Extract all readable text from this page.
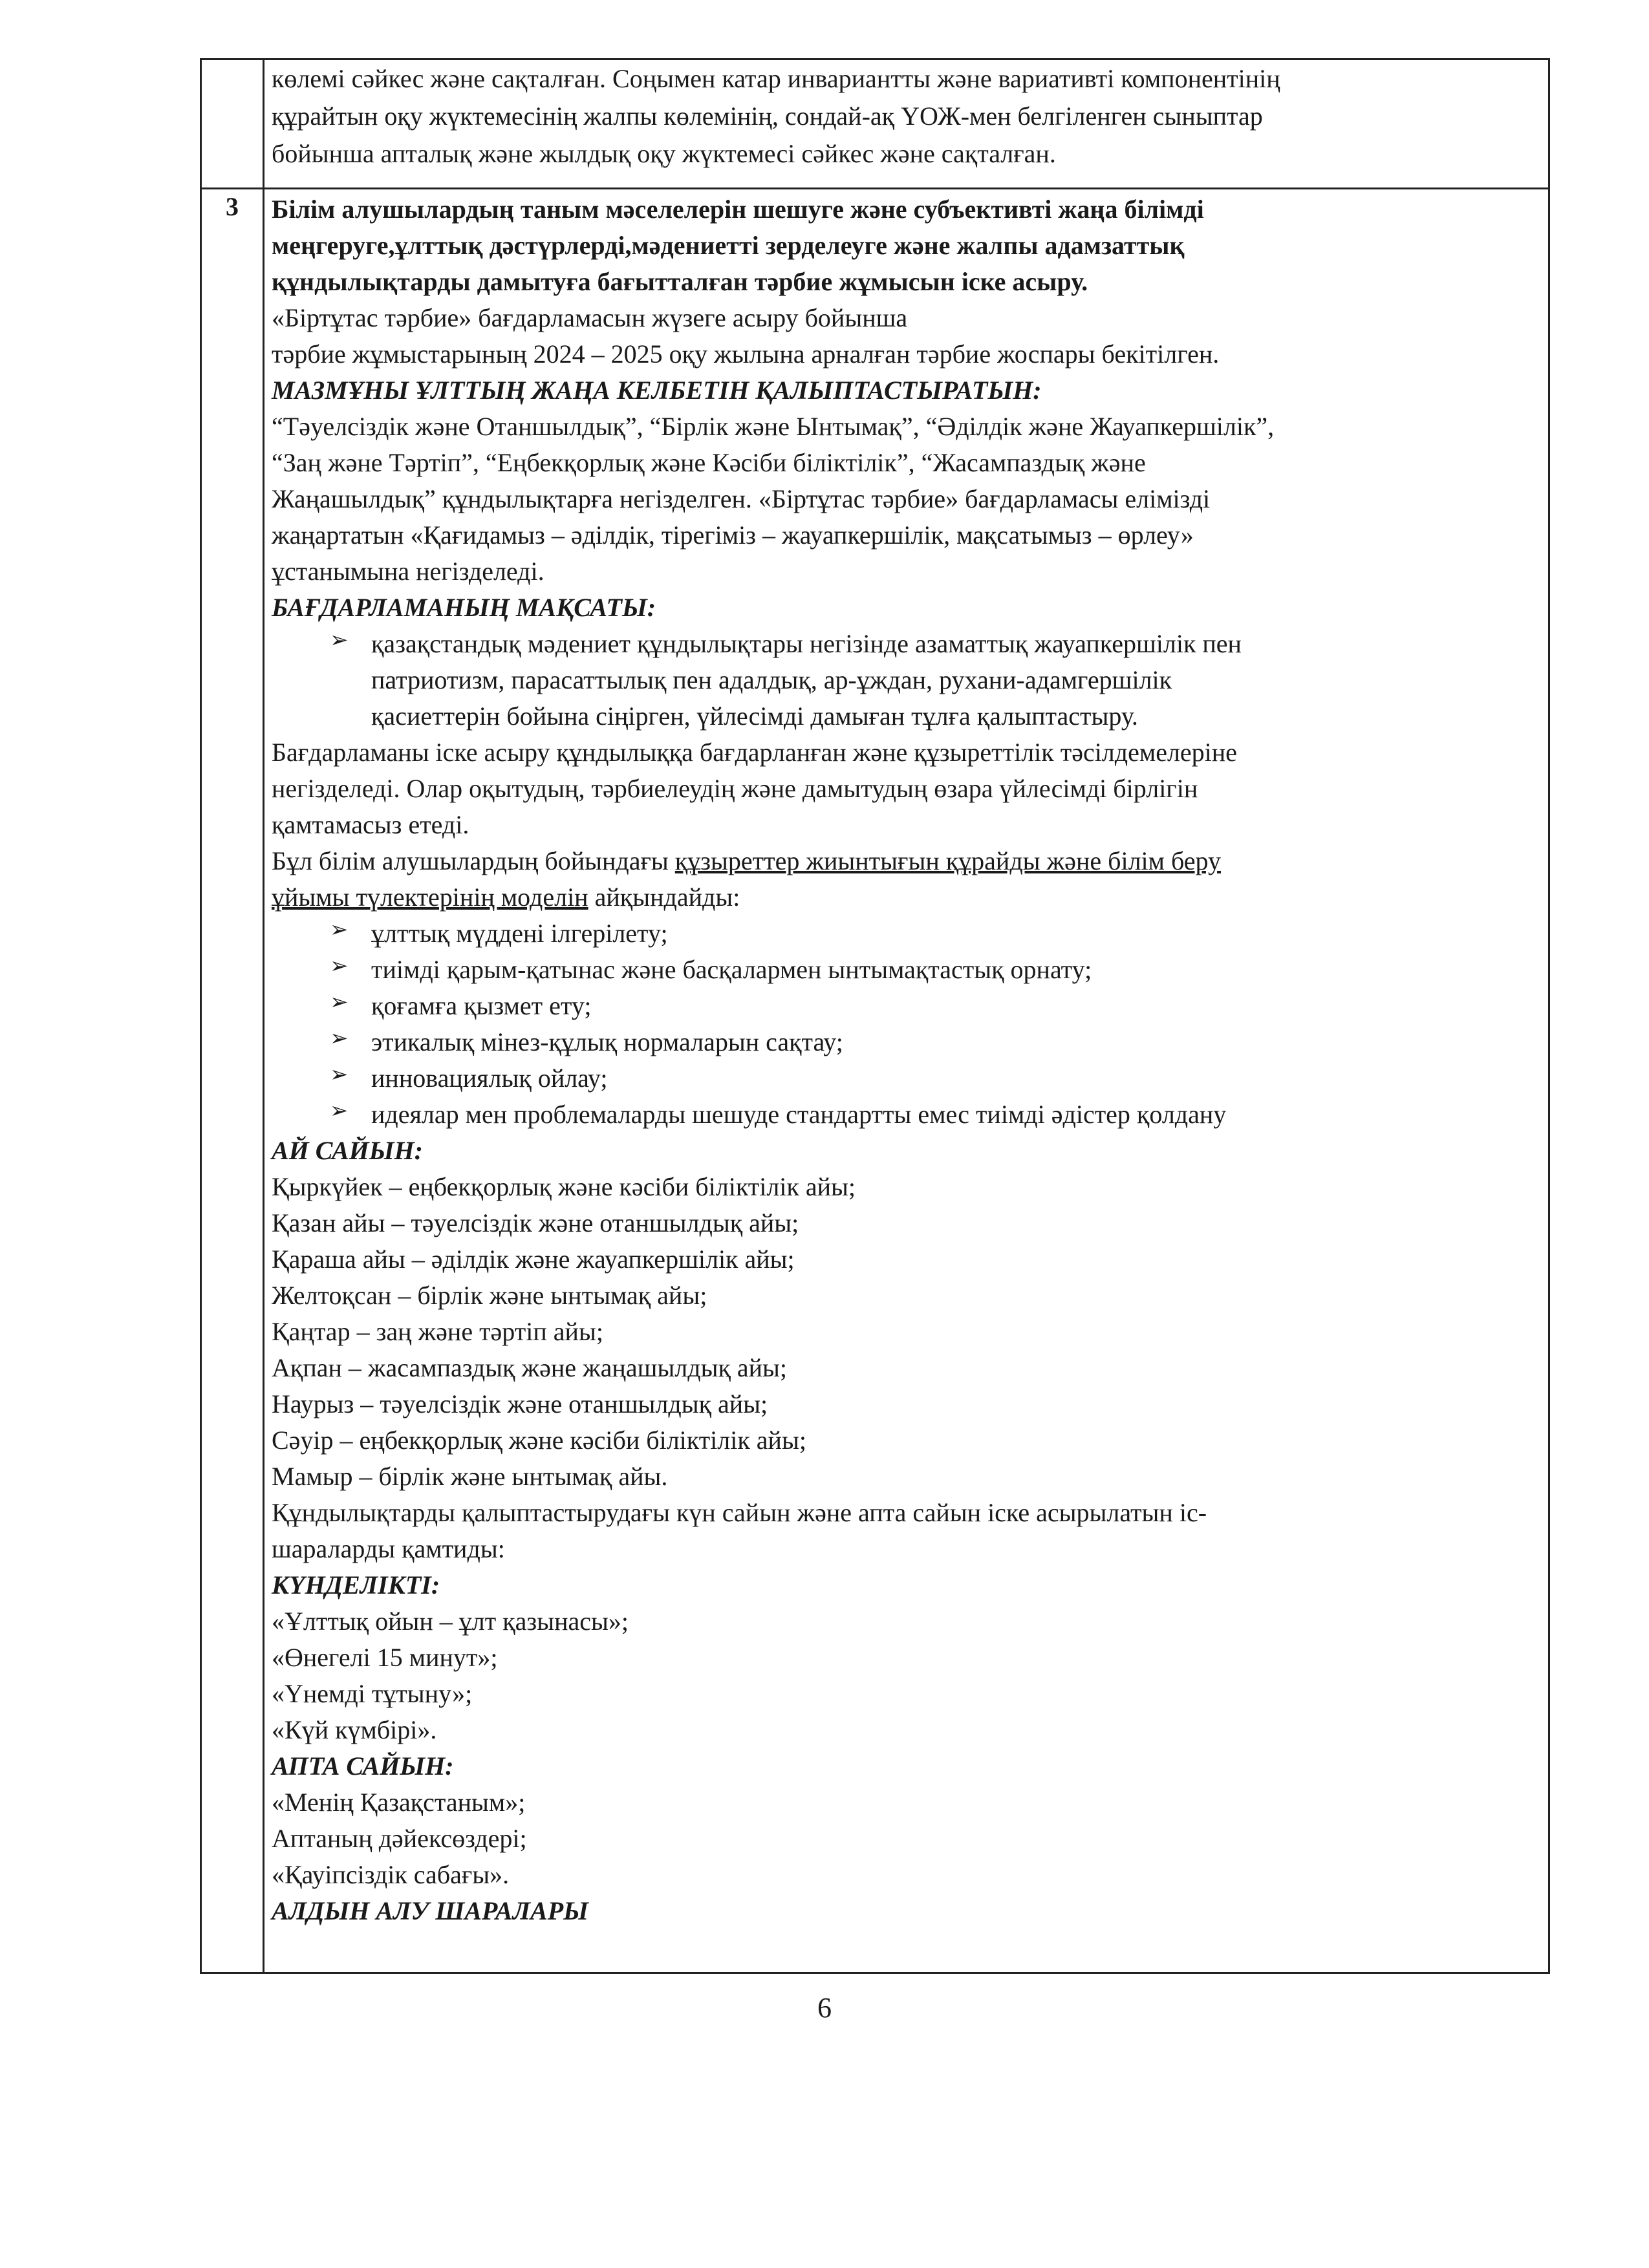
3
көлемі сәйкес және сақталған. Соңымен катар инвариантты және вариативті компонентінің
құрайтын оқу жүктемесінің жалпы көлемінің, сондай-ақ ҮОЖ-мен белгіленген сыныптар
бойынша апталық және жылдық оқу жүктемесі сәйкес және сақталған.
Білім алушылардың таным мәселелерін шешуге және субъективті жаңа білімді
меңгеруге,ұлттық дәстүрлерді,мәдениетті зерделеуге және жалпы адамзаттық
құндылықтарды дамытуға бағытталған тәрбие жұмысын іске асыру.
«Біртұтас тәрбие» бағдарламасын жүзеге асыру бойынша
тәрбие жұмыстарының 2024 – 2025 оқу жылына арналған тәрбие жоспары бекітілген.
МАЗМҰНЫ ҰЛТТЫҢ ЖАҢА КЕЛБЕТІН ҚАЛЫПТАСТЫРАТЫН:
“Тәуелсіздік және Отаншылдық”, “Бірлік және Ынтымақ”, “Әділдік және Жауапкершілік”,
“Заң және Тәртіп”, “Еңбекқорлық және Кәсіби біліктілік”, “Жасампаздық және
Жаңашылдық” құндылықтарға негізделген. «Біртұтас тәрбие» бағдарламасы елімізді
жаңартатын «Қағидамыз – әділдік, тірегіміз – жауапкершілік, мақсатымыз – өрлеу»
ұстанымына негізделеді.
БАҒДАРЛАМАНЫҢ МАҚСАТЫ:
➢ қазақстандық мәдениет құндылықтары негізінде азаматтық жауапкершілік пен
патриотизм, парасаттылық пен адалдық, ар-ұждан, рухани-адамгершілік
қасиеттерін бойына сіңірген, үйлесімді дамыған тұлға қалыптастыру.
Бағдарламаны іске асыру құндылыққа бағдарланған және құзыреттілік тәсілдемелеріне
негізделеді. Олар оқытудың, тәрбиелеудің және дамытудың өзара үйлесімді бірлігін
қамтамасыз етеді.
Бұл білім алушылардың бойындағы құзыреттер жиынтығын құрайды және білім беру
ұйымы түлектерінің моделін айқындайды:
➢ ұлттық мүддені ілгерілету;
➢ тиімді қарым-қатынас және басқалармен ынтымақтастық орнату;
➢ қоғамға қызмет ету;
➢ этикалық мінез-құлық нормаларын сақтау;
➢ инновациялық ойлау;
➢ идеялар мен проблемаларды шешуде стандартты емес тиімді әдістер қолдану
АЙ САЙЫН:
Қыркүйек – еңбекқорлық және кәсіби біліктілік айы;
Қазан айы – тәуелсіздік және отаншылдық айы;
Қараша айы – әділдік және жауапкершілік айы;
Желтоқсан – бірлік және ынтымақ айы;
Қаңтар – заң және тәртіп айы;
Ақпан – жасампаздық және жаңашылдық айы;
Наурыз – тәуелсіздік және отаншылдық айы;
Сәуір – еңбекқорлық және кәсіби біліктілік айы;
Мамыр – бірлік және ынтымақ айы.
Құндылықтарды қалыптастырудағы күн сайын және апта сайын іске асырылатын іс-
шараларды қамтиды:
КҮНДЕЛІКТІ:
«Ұлттық ойын – ұлт қазынасы»;
«Өнегелі 15 минут»;
«Үнемді тұтыну»;
«Күй күмбірі».
АПТА САЙЫН:
«Менің Қазақстаным»;
Аптаның дәйексөздері;
«Қауіпсіздік сабағы».
АЛДЫН АЛУ ШАРАЛАРЫ
6
